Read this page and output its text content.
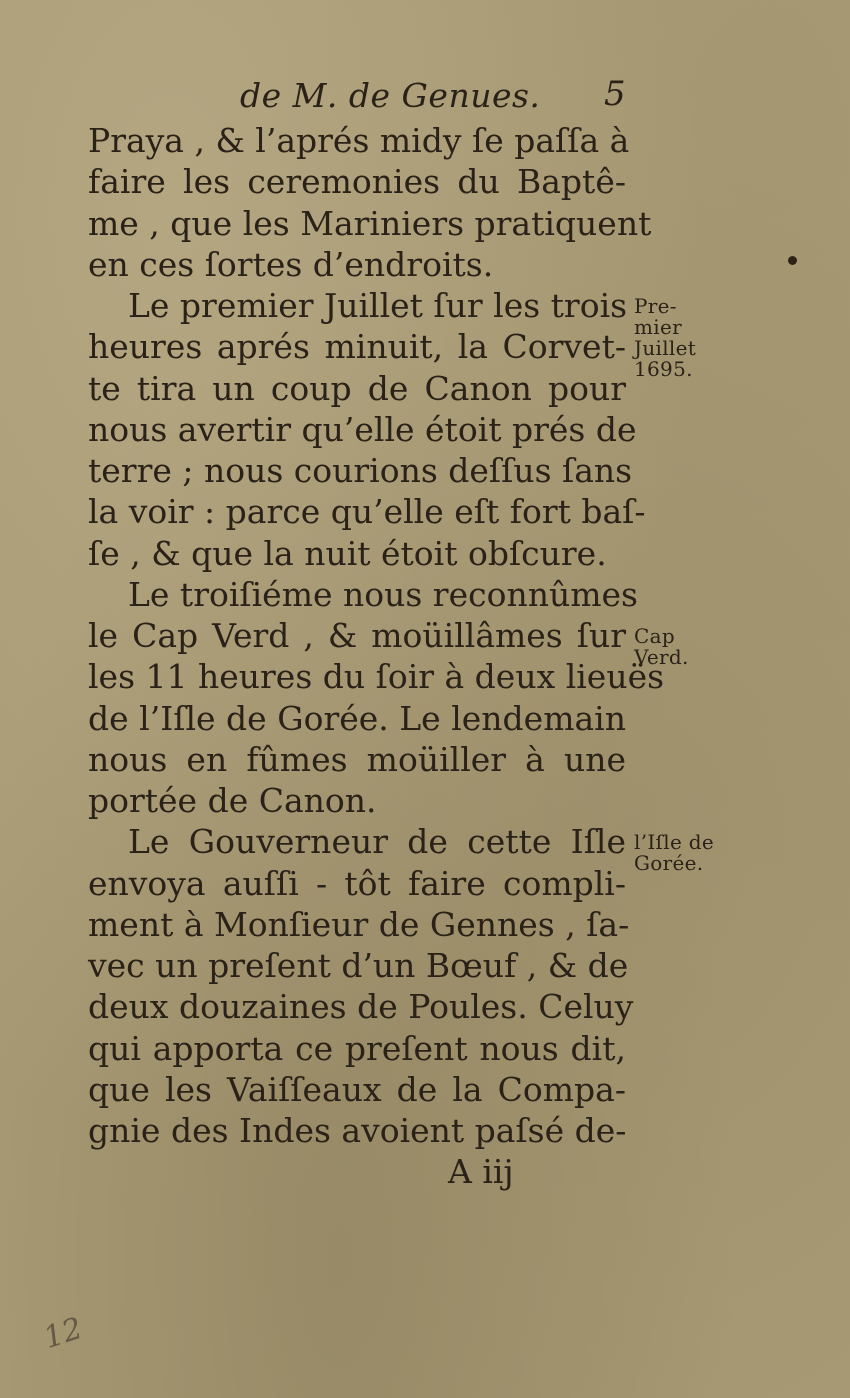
de M. de Genues. 5
Praya , & l’aprés midy ſe paſſa à
faire les ceremonies du Baptê-
me , que les Mariniers pratiquent
en ces ſortes d’endroits.
Le premier Juillet ſur les trois
heures aprés minuit, la Corvet-
te tira un coup de Canon pour
nous avertir qu’elle étoit prés de
terre ; nous courions deſſus ſans
la voir : parce qu’elle eſt fort baſ-
ſe , & que la nuit étoit obſcure.
Le troiſiéme nous reconnûmes
le Cap Verd , & moüillâmes ſur
les 11 heures du ſoir à deux lieuës
de l’Iſle de Gorée. Le lendemain
nous en fûmes moüiller à une
portée de Canon.
Le Gouverneur de cette Iſle
envoya auſſi - tôt faire compli-
ment à Monſieur de Gennes , ſa-
vec un preſent d’un Bœuf , & de
deux douzaines de Poules. Celuy
qui apporta ce preſent nous dit,
que les Vaiſſeaux de la Compa-
gnie des Indes avoient paſsé de-
Pre-
mier
Juillet
1695.
Cap
Verd.
l’Iſle de
Gorée.
A iij
12
